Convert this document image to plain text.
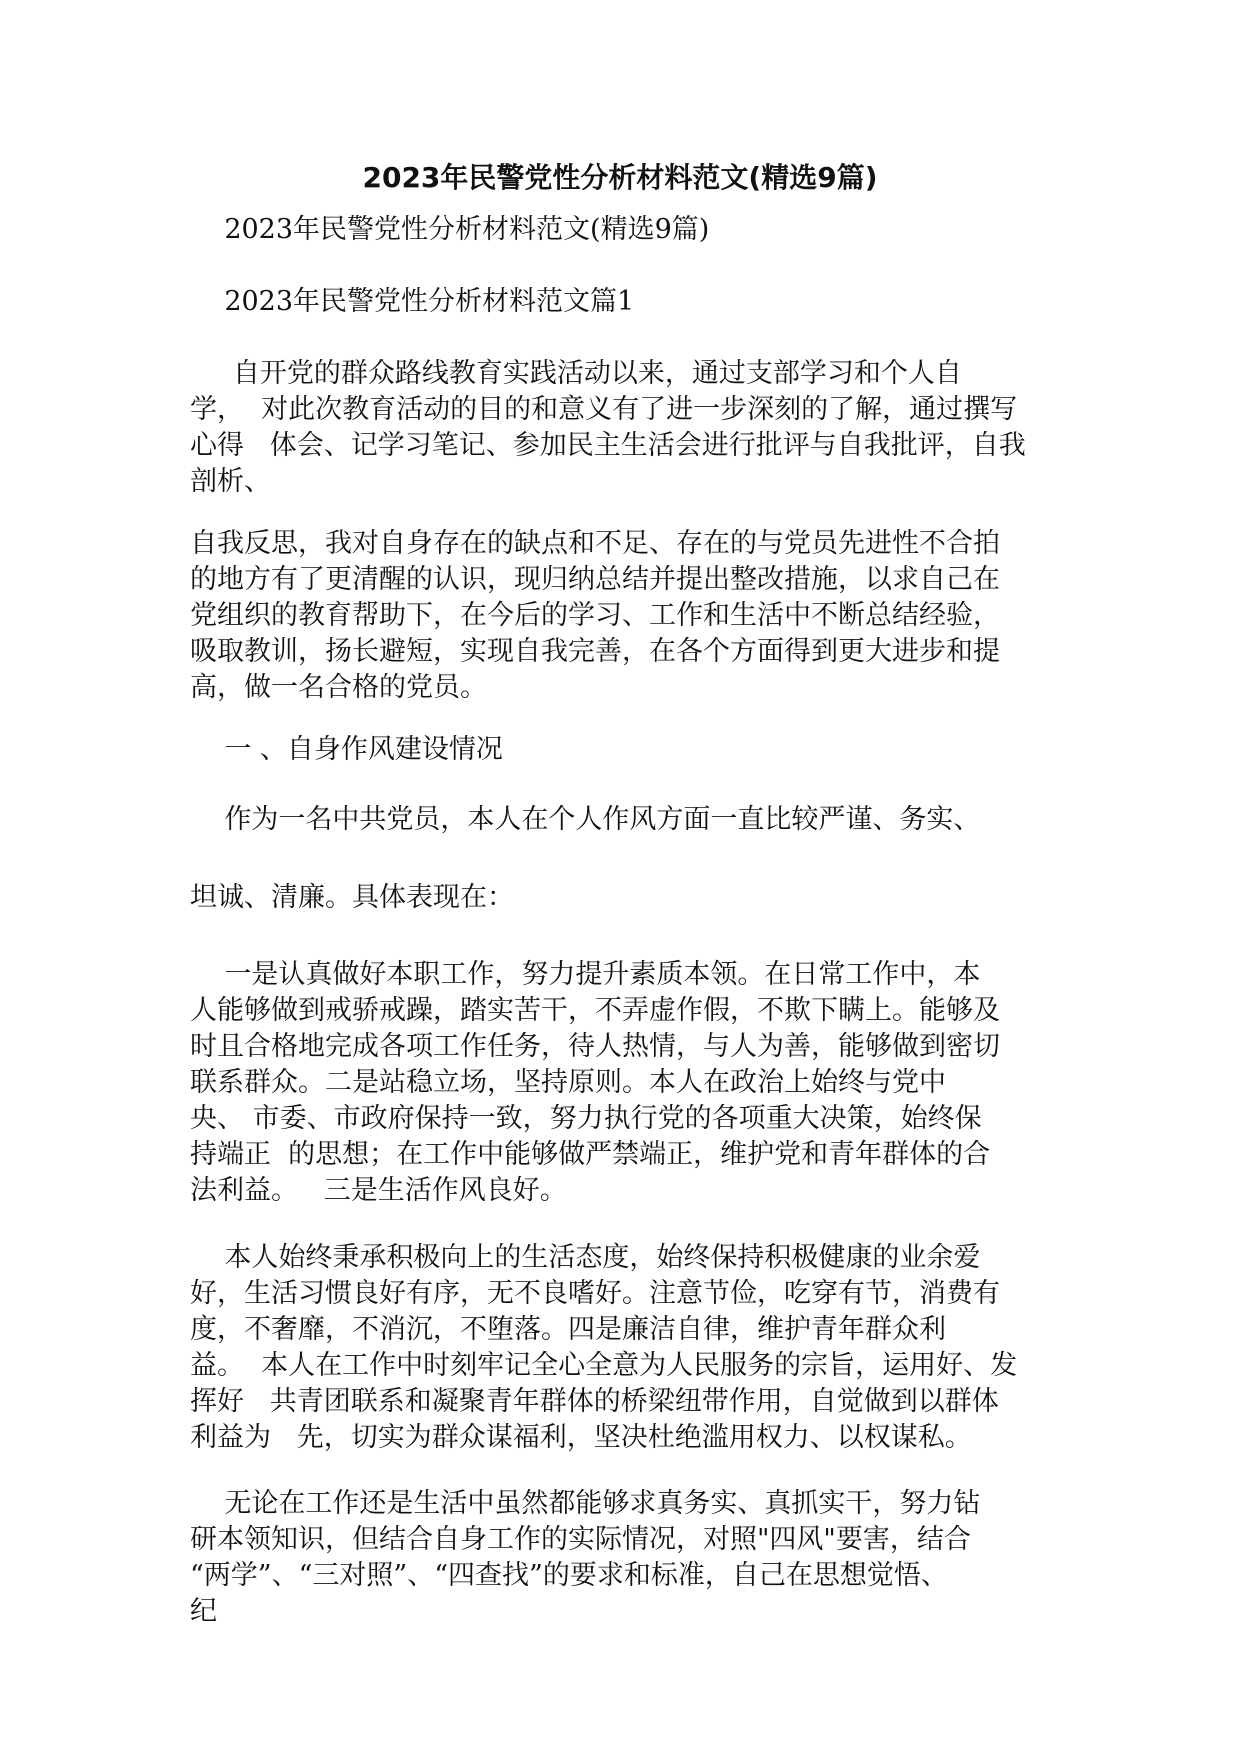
2023年民警党性分析材料范文(精选9篇)
2023年民警党性分析材料范文(精选9篇)
2023年民警党性分析材料范文篇1
自开党的群众路线教育实践活动以来，通过支部学习和个人自
学，  对此次教育活动的目的和意义有了进一步深刻的了解，通过撰写
心得   体会、记学习笔记、参加民主生活会进行批评与自我批评，自我
剖析、
自我反思，我对自身存在的缺点和不足、存在的与党员先进性不合拍
的地方有了更清醒的认识，现归纳总结并提出整改措施，以求自己在
党组织的教育帮助下，在今后的学习、工作和生活中不断总结经验，
吸取教训，扬长避短，实现自我完善，在各个方面得到更大进步和提
高，做一名合格的党员。
一 、自身作风建设情况
作为一名中共党员，本人在个人作风方面一直比较严谨、务实、
坦诚、清廉。具体表现在：
一是认真做好本职工作，努力提升素质本领。在日常工作中，本
人能够做到戒骄戒躁，踏实苦干，不弄虚作假，不欺下瞒上。能够及
时且合格地完成各项工作任务，待人热情，与人为善，能够做到密切
联系群众。二是站稳立场，坚持原则。本人在政治上始终与党中
央、 市委、市政府保持一致，努力执行党的各项重大决策，始终保
持端正  的思想；在工作中能够做严禁端正，维护党和青年群体的合
法利益。   三是生活作风良好。
本人始终秉承积极向上的生活态度，始终保持积极健康的业余爱
好，生活习惯良好有序，无不良嗜好。注意节俭，吃穿有节，消费有
度，不奢靡，不消沉，不堕落。四是廉洁自律，维护青年群众利
益。  本人在工作中时刻牢记全心全意为人民服务的宗旨，运用好、发
挥好   共青团联系和凝聚青年群体的桥梁纽带作用，自觉做到以群体
利益为   先，切实为群众谋福利，坚决杜绝滥用权力、以权谋私。
无论在工作还是生活中虽然都能够求真务实、真抓实干，努力钻
研本领知识，但结合自身工作的实际情况，对照"四风"要害，结合
“两学”、“三对照”、“四查找”的要求和标准，自己在思想觉悟、
纪
